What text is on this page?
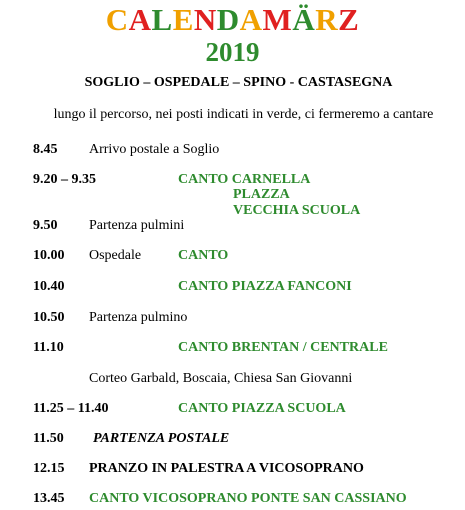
CALENDAMÄRZ
2019
SOGLIO – OSPEDALE – SPINO - CASTASEGNA
lungo il percorso, nei posti indicati in verde, ci fermeremo a cantare
8.45 Arrivo postale a Soglio
9.20 – 9.35	CANTO CARNELLA
PLAZZA
VECCHIA SCUOLA
9.50 Partenza pulmini
10.00 Ospedale	CANTO
10.40	CANTO PIAZZA FANCONI
10.50 Partenza pulmino
11.10	CANTO BRENTAN / CENTRALE
Corteo Garbald, Boscaia, Chiesa San Giovanni
11.25 – 11.40	CANTO PIAZZA SCUOLA
11.50 PARTENZA POSTALE
12.15 PRANZO IN PALESTRA A VICOSOPRANO
13.45 CANTO VICOSOPRANO PONTE SAN CASSIANO
